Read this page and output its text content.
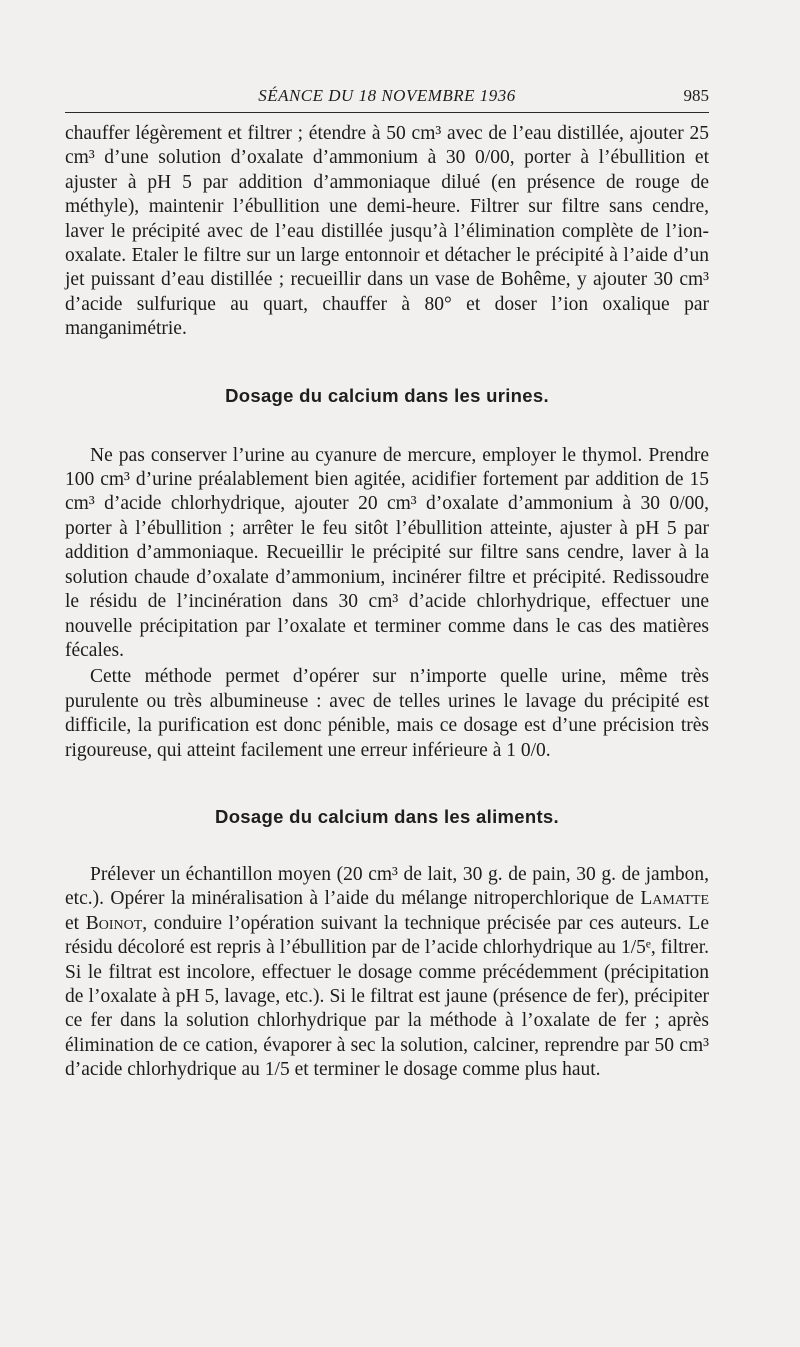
SÉANCE DU 18 NOVEMBRE 1936	985

chauffer légèrement et filtrer ; étendre à 50 cm³ avec de l’eau distillée, ajouter 25 cm³ d’une solution d’oxalate d’ammonium à 30 0/00, porter à l’ébullition et ajuster à pH 5 par addition d’ammoniaque dilué (en présence de rouge de méthyle), maintenir l’ébullition une demi-heure. Filtrer sur filtre sans cendre, laver le précipité avec de l’eau distillée jusqu’à l’élimination complète de l’ion-oxalate. Etaler le filtre sur un large entonnoir et détacher le précipité à l’aide d’un jet puissant d’eau distillée ; recueillir dans un vase de Bohême, y ajouter 30 cm³ d’acide sulfurique au quart, chauffer à 80° et doser l’ion oxalique par manganimétrie.

Dosage du calcium dans les urines.

Ne pas conserver l’urine au cyanure de mercure, employer le thymol. Prendre 100 cm³ d’urine préalablement bien agitée, acidifier fortement par addition de 15 cm³ d’acide chlorhydrique, ajouter 20 cm³ d’oxalate d’ammonium à 30 0/00, porter à l’ébullition ; arrêter le feu sitôt l’ébullition atteinte, ajuster à pH 5 par addition d’ammoniaque. Recueillir le précipité sur filtre sans cendre, laver à la solution chaude d’oxalate d’ammonium, incinérer filtre et précipité. Redissoudre le résidu de l’incinération dans 30 cm³ d’acide chlorhydrique, effectuer une nouvelle précipitation par l’oxalate et terminer comme dans le cas des matières fécales.

Cette méthode permet d’opérer sur n’importe quelle urine, même très purulente ou très albumineuse : avec de telles urines le lavage du précipité est difficile, la purification est donc pénible, mais ce dosage est d’une précision très rigoureuse, qui atteint facilement une erreur inférieure à 1 0/0.

Dosage du calcium dans les aliments.

Prélever un échantillon moyen (20 cm³ de lait, 30 g. de pain, 30 g. de jambon, etc.). Opérer la minéralisation à l’aide du mélange nitroperchlorique de Lamatte et Boinot, conduire l’opération suivant la technique précisée par ces auteurs. Le résidu décoloré est repris à l’ébullition par de l’acide chlorhydrique au 1/5ᵉ, filtrer. Si le filtrat est incolore, effectuer le dosage comme précédemment (précipitation de l’oxalate à pH 5, lavage, etc.). Si le filtrat est jaune (présence de fer), précipiter ce fer dans la solution chlorhydrique par la méthode à l’oxalate de fer ; après élimination de ce cation, évaporer à sec la solution, calciner, reprendre par 50 cm³ d’acide chlorhydrique au 1/5 et terminer le dosage comme plus haut.
